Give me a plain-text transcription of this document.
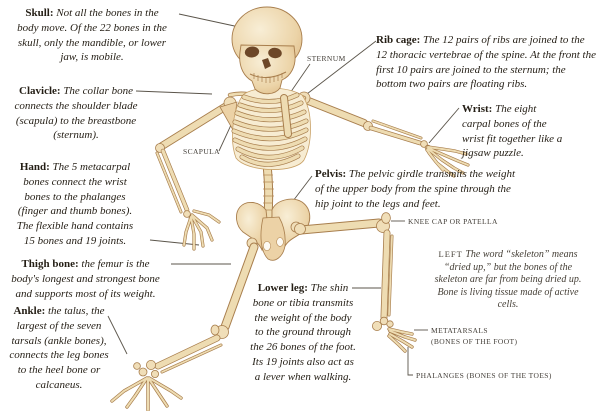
Skull: Not all the bones in the body move. Of the 22 bones in the skull, only the mandible, or lower jaw, is mobile.
Clavicle: The collar bone connects the shoulder blade (scapula) to the breastbone (sternum).
Hand: The 5 metacarpal bones connect the wrist bones to the phalanges (finger and thumb bones). The flexible hand contains 15 bones and 19 joints.
Thigh bone: the femur is the body's longest and strongest bone and supports most of its weight.
Ankle: the talus, the largest of the seven tarsals (ankle bones), connects the leg bones to the heel bone or calcaneus.
Rib cage: The 12 pairs of ribs are joined to the 12 thoracic vertebrae of the spine. At the front the first 10 pairs are joined to the sternum; the bottom two pairs are floating ribs.
Wrist: The eight carpal bones of the wrist fit together like a jigsaw puzzle.
Pelvis: The pelvic girdle transmits the weight of the upper body from the spine through the hip joint to the legs and feet.
Lower leg: The shin bone or tibia transmits the weight of the body to the ground through the 26 bones of the foot. Its 19 joints also act as a lever when walking.
LEFT The word “skeleton” means “dried up,” but the bones of the skeleton are far from being dried up. Bone is living tissue made of active cells.
STERNUM
SCAPULA
KNEE CAP OR PATELLA
METATARSALS
(BONES OF THE FOOT)
PHALANGES (BONES OF THE TOES)
